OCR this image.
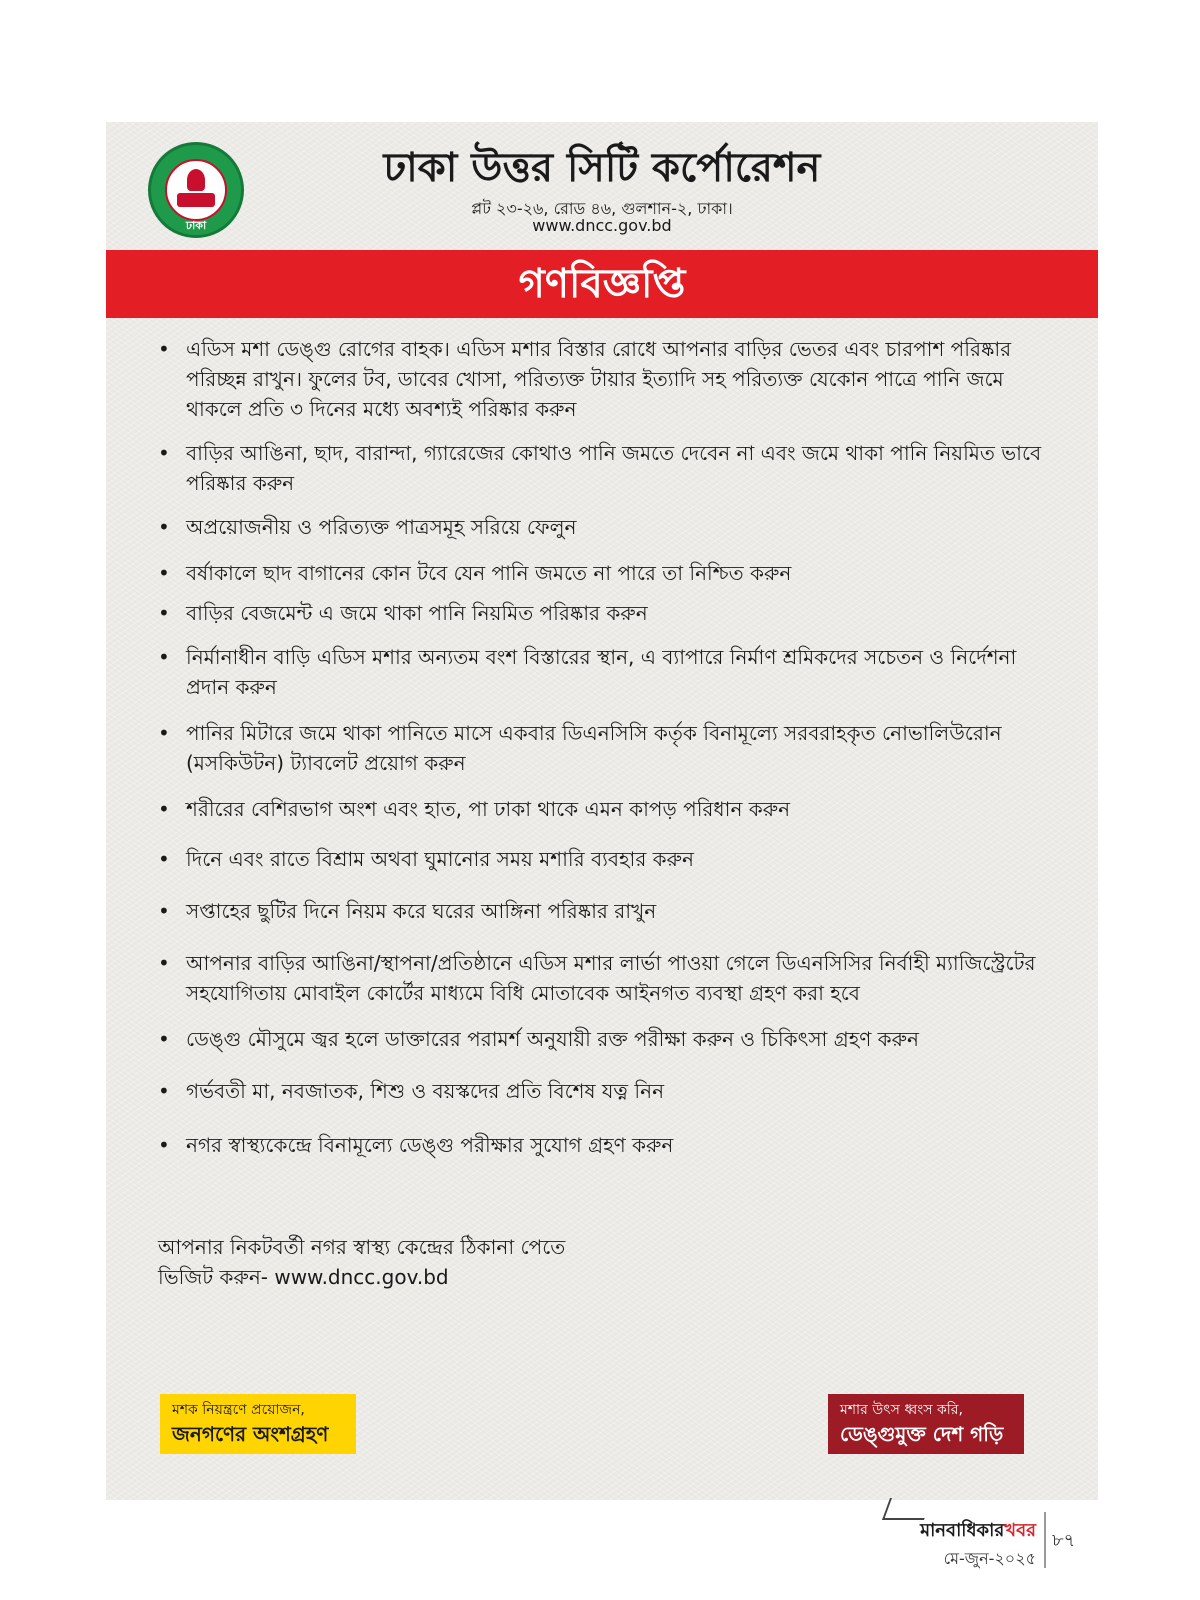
ঢাকা
ঢাকা উত্তর সিটি কর্পোরেশন
প্লট ২৩-২৬, রোড ৪৬, গুলশান-২, ঢাকা।
www.dncc.gov.bd
গণবিজ্ঞপ্তি
• এডিস মশা ডেঙ্গু রোগের বাহক। এডিস মশার বিস্তার রোধে আপনার বাড়ির ভেতর এবং চারপাশ পরিষ্কার পরিচ্ছন্ন রাখুন। ফুলের টব, ডাবের খোসা, পরিত্যক্ত টায়ার ইত্যাদি সহ পরিত্যক্ত যেকোন পাত্রে পানি জমে থাকলে প্রতি ৩ দিনের মধ্যে অবশ্যই পরিষ্কার করুন
• বাড়ির আঙিনা, ছাদ, বারান্দা, গ্যারেজের কোথাও পানি জমতে দেবেন না এবং জমে থাকা পানি নিয়মিত ভাবে পরিষ্কার করুন
• অপ্রয়োজনীয় ও পরিত্যক্ত পাত্রসমূহ সরিয়ে ফেলুন
• বর্ষাকালে ছাদ বাগানের কোন টবে যেন পানি জমতে না পারে তা নিশ্চিত করুন
• বাড়ির বেজমেন্ট এ জমে থাকা পানি নিয়মিত পরিষ্কার করুন
• নির্মানাধীন বাড়ি এডিস মশার অন্যতম বংশ বিস্তারের স্থান, এ ব্যাপারে নির্মাণ শ্রমিকদের সচেতন ও নির্দেশনা প্রদান করুন
• পানির মিটারে জমে থাকা পানিতে মাসে একবার ডিএনসিসি কর্তৃক বিনামূল্যে সরবরাহকৃত নোভালিউরোন (মসকিউটন) ট্যাবলেট প্রয়োগ করুন
• শরীরের বেশিরভাগ অংশ এবং হাত, পা ঢাকা থাকে এমন কাপড় পরিধান করুন
• দিনে এবং রাতে বিশ্রাম অথবা ঘুমানোর সময় মশারি ব্যবহার করুন
• সপ্তাহের ছুটির দিনে নিয়ম করে ঘরের আঙ্গিনা পরিষ্কার রাখুন
• আপনার বাড়ির আঙিনা/স্থাপনা/প্রতিষ্ঠানে এডিস মশার লার্ভা পাওয়া গেলে ডিএনসিসির নির্বাহী ম্যাজিস্ট্রেটের সহযোগিতায় মোবাইল কোর্টের মাধ্যমে বিধি মোতাবেক আইনগত ব্যবস্থা গ্রহণ করা হবে
• ডেঙ্গু মৌসুমে জ্বর হলে ডাক্তারের পরামর্শ অনুযায়ী রক্ত পরীক্ষা করুন ও চিকিৎসা গ্রহণ করুন
• গর্ভবতী মা, নবজাতক, শিশু ও বয়স্কদের প্রতি বিশেষ যত্ন নিন
• নগর স্বাস্থ্যকেন্দ্রে বিনামূল্যে ডেঙ্গু পরীক্ষার সুযোগ গ্রহণ করুন
আপনার নিকটবর্তী নগর স্বাস্থ্য কেন্দ্রের ঠিকানা পেতে
ভিজিট করুন- www.dncc.gov.bd
মশক নিয়ন্ত্রণে প্রয়োজন,
জনগণের অংশগ্রহণ
মশার উৎস ধ্বংস করি,
ডেঙ্গুমুক্ত দেশ গড়ি
মানবাধিকারখবর
মে-জুন-২০২৫
৮৭
